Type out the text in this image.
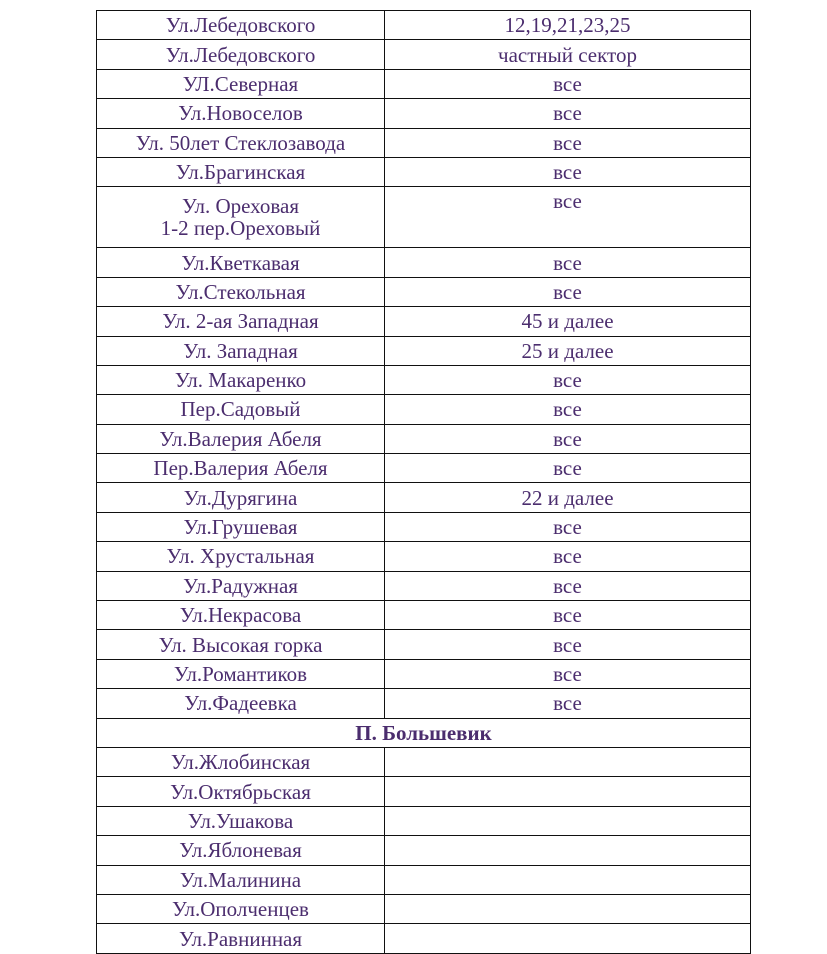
Ул.Лебедовского	12,19,21,23,25
Ул.Лебедовского	частный сектор
УЛ.Северная	все
Ул.Новоселов	все
Ул. 50лет Стеклозавода	все
Ул.Брагинская	все

Ул. Ореховая
1-2 пер.Ореховый	все
Ул.Кветкавая	все
Ул.Стекольная	все
Ул. 2-ая Западная	45 и далее
Ул. Западная	25 и далее
Ул. Макаренко	все
Пер.Садовый	все
Ул.Валерия Абеля	все
Пер.Валерия Абеля	все
Ул.Дурягина	22 и далее
Ул.Грушевая	все
Ул. Хрустальная	все
Ул.Радужная	все
Ул.Некрасова	все
Ул. Высокая горка	все
Ул.Романтиков	все
Ул.Фадеевка	все
П. Большевик	
Ул.Жлобинская	
Ул.Октябрьская	
Ул.Ушакова	
Ул.Яблоневая	
Ул.Малинина	
Ул.Ополченцев	
Ул.Равнинная	
